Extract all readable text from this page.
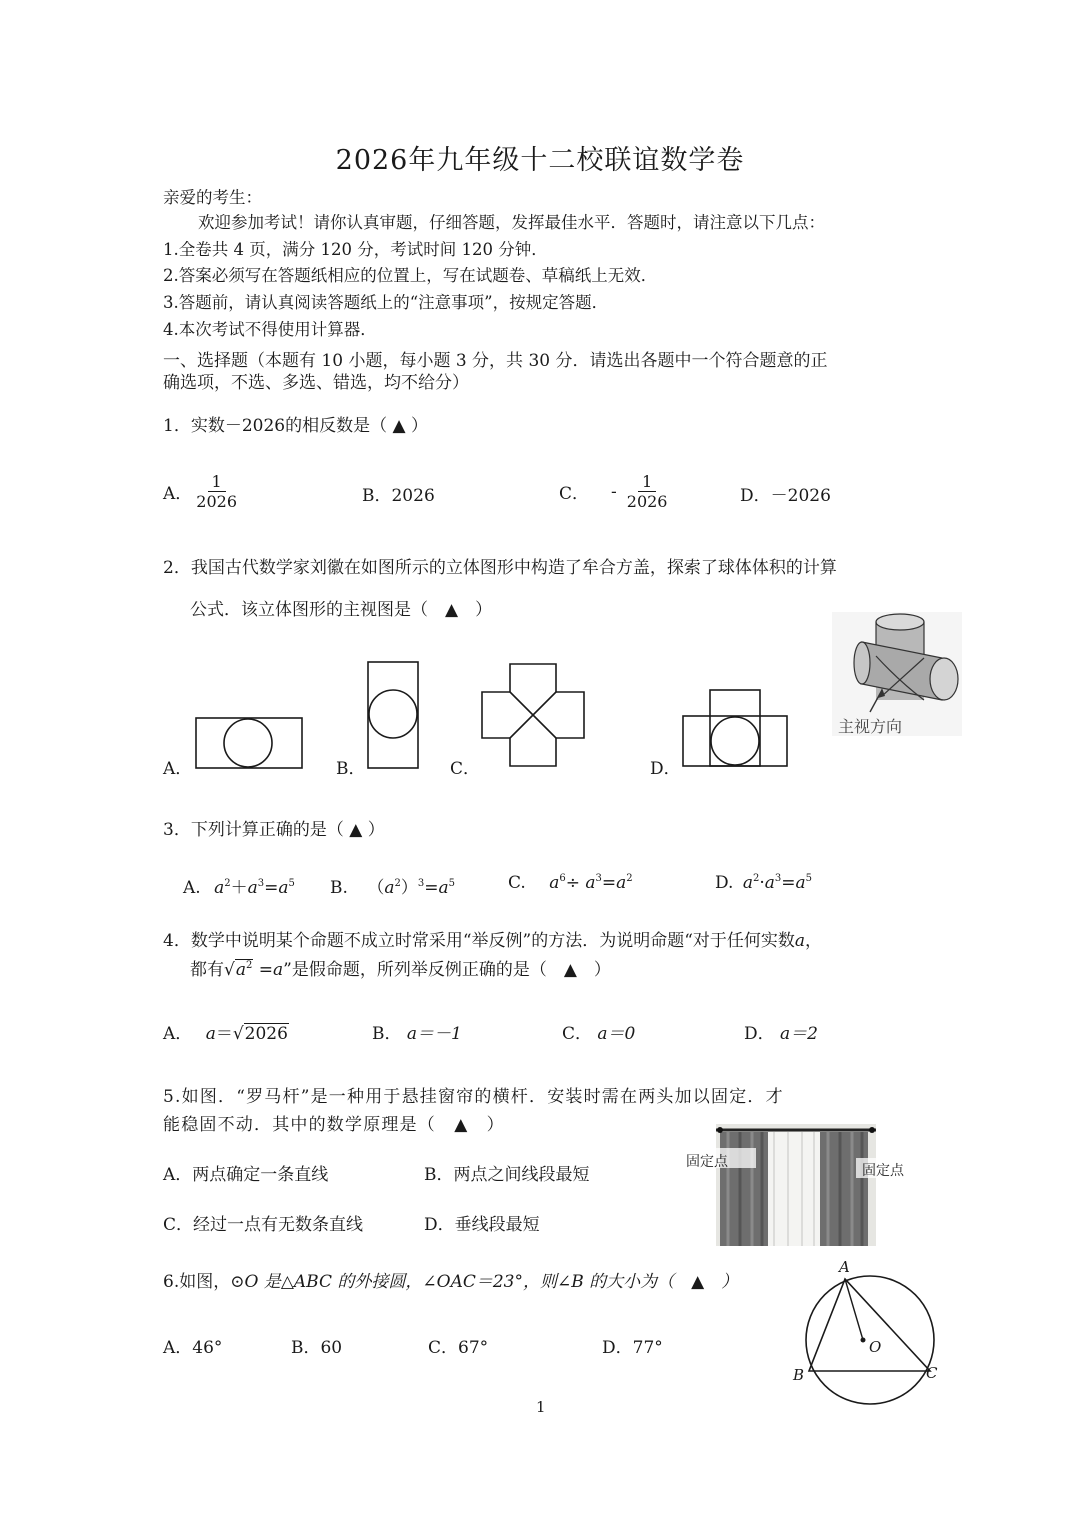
2026年九年级十二校联谊数学卷
亲爱的考生：
欢迎参加考试！请你认真审题，仔细答题，发挥最佳水平．答题时，请注意以下几点：
1.全卷共 4 页，满分 120 分，考试时间 120 分钟．
2.答案必须写在答题纸相应的位置上，写在试题卷、草稿纸上无效．
3.答题前，请认真阅读答题纸上的“注意事项”，按规定答题．
4.本次考试不得使用计算器．
一、选择题（本题有 10 小题，每小题 3 分，共 30 分．请选出各题中一个符合题意的正
确选项，不选、多选、错选，均不给分）
1．实数－2026的相反数是（ ▲ ）
A． $\frac{1}{2026}$	B．2026	C． - $\frac{1}{2026}$	D．－2026
2．我国古代数学家刘徽在如图所示的立体图形中构造了牟合方盖，探索了球体体积的计算
公式．该立体图形的主视图是（　▲　）
A．	B．	C．	D．
主视方向
3．下列计算正确的是（ ▲ ）
A. $a^2+a^3=a^5$ B. $(a^2)^3=a^5$	C. $a^6\div a^3=a^2$	D. $a^2\cdot a^3=a^5$
4．数学中说明某个命题不成立时常采用“举反例”的方法．为说明命题“对于任何实数a，
都有$√a^2 =a$”是假命题，所列举反例正确的是（　▲　）
A． a＝√2026	B． a＝－1	C． a＝0	D． a＝2
5.如图．“罗马杆”是一种用于悬挂窗帘的横杆．安装时需在两头加以固定．才
能稳固不动．其中的数学原理是（　▲　）
A．两点确定一条直线	B．两点之间线段最短
C．经过一点有无数条直线	D．垂线段最短
固定点
固定点
6.如图，⊙O 是△ABC 的外接圆，∠OAC＝23°，则∠B 的大小为（　▲　）
A．46°	B．60	C．67°	D．77°
A
B	C
O
1
